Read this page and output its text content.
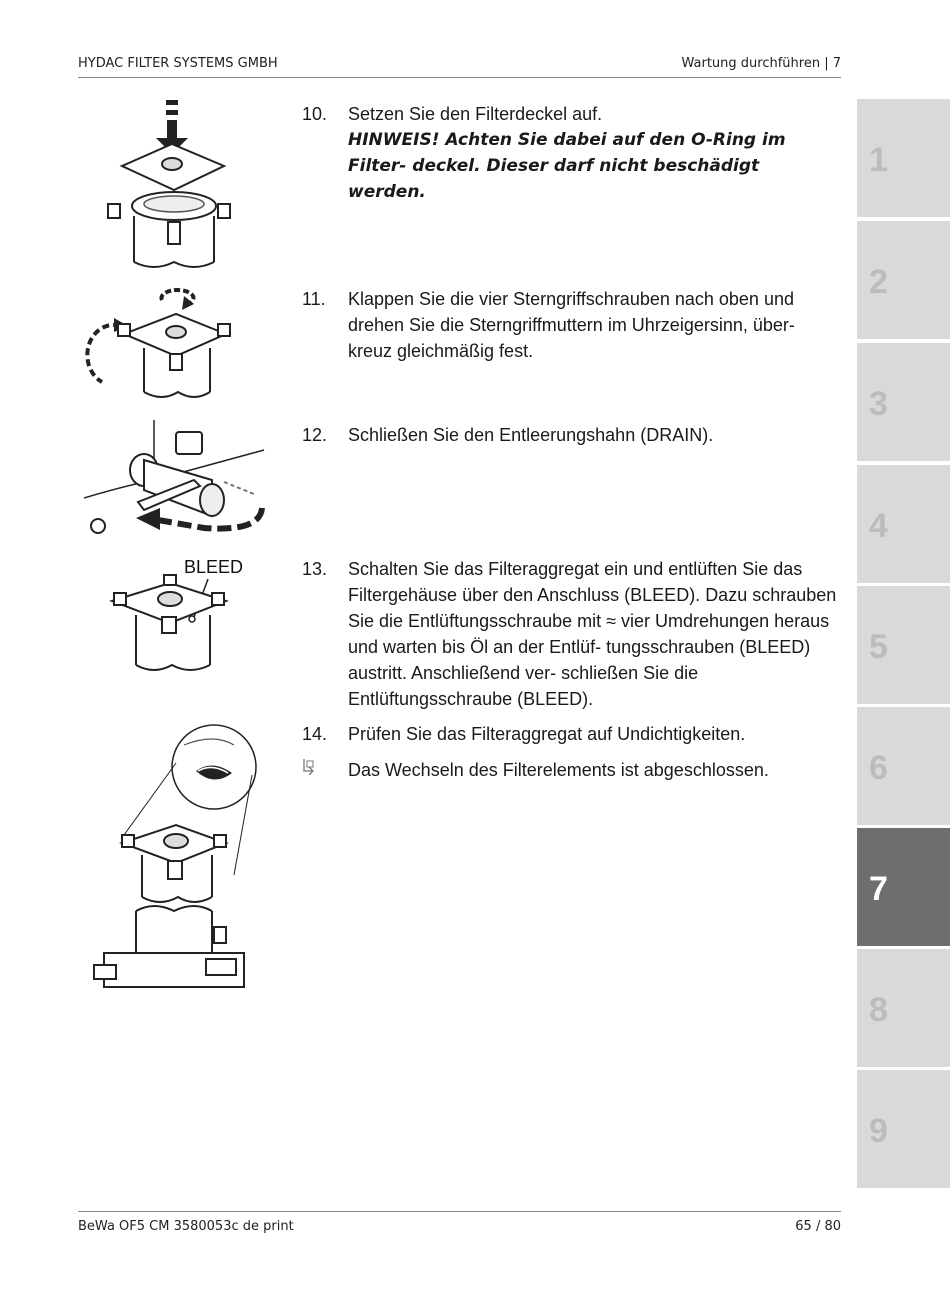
HYDAC FILTER SYSTEMS GMBH	Wartung durchführen | 7
1
2
3
4
5
6
7
8
9
10. Setzen Sie den Filterdeckel auf.
HINWEIS! Achten Sie dabei auf den O-Ring im Filter- deckel. Dieser darf nicht beschädigt werden.
11. Klappen Sie die vier Sterngriffschrauben nach oben und drehen Sie die Sterngriffmuttern im Uhrzeigersinn, über- kreuz gleichmäßig fest.
12. Schließen Sie den Entleerungshahn (DRAIN).
13. Schalten Sie das Filteraggregat ein und entlüften Sie das Filtergehäuse über den Anschluss (BLEED). Dazu schrauben Sie die Entlüftungsschraube mit ≈ vier Umdrehungen heraus und warten bis Öl an der Entlüf- tungsschrauben (BLEED) austritt. Anschließend ver- schließen Sie die Entlüftungsschraube (BLEED).
14. Prüfen Sie das Filteraggregat auf Undichtigkeiten.
Das Wechseln des Filterelements ist abgeschlossen.
BLEED
BeWa OF5 CM 3580053c de print	65 / 80
